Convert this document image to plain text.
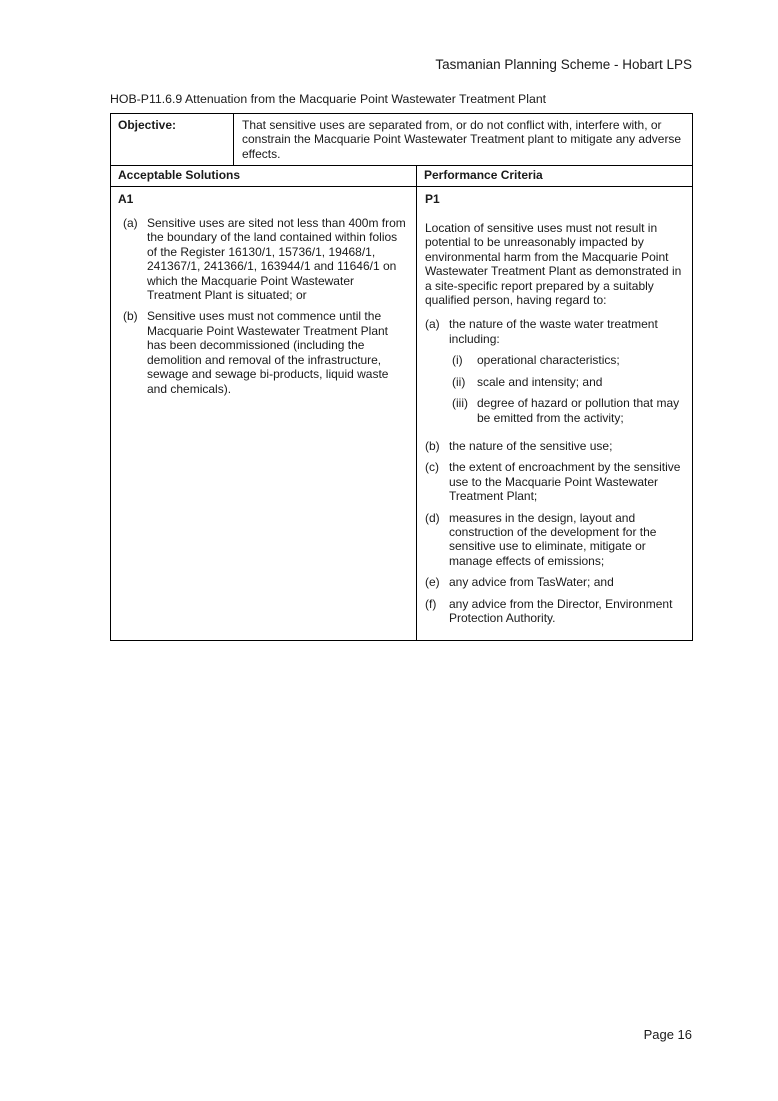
Tasmanian Planning Scheme - Hobart LPS
HOB-P11.6.9 Attenuation from the Macquarie Point Wastewater Treatment Plant
Objective:	That sensitive uses are separated from, or do not conflict with, interfere with, or constrain the Macquarie Point Wastewater Treatment plant to mitigate any adverse effects.	
Acceptable Solutions		Performance Criteria

A1
(a) Sensitive uses are sited not less than 400m from the boundary of the land contained within folios of the Register 16130/1, 15736/1, 19468/1, 241367/1, 241366/1, 163944/1 and 11646/1 on which the Macquarie Point Wastewater Treatment Plant is situated; or
(b) Sensitive uses must not commence until the Macquarie Point Wastewater Treatment Plant has been decommissioned (including the demolition and removal of the infrastructure, sewage and sewage bi-products, liquid waste and chemicals).

P1
Location of sensitive uses must not result in potential to be unreasonably impacted by environmental harm from the Macquarie Point Wastewater Treatment Plant as demonstrated in a site-specific report prepared by a suitably qualified person, having regard to:
(a) the nature of the waste water treatment including:
(i)	operational characteristics;
(ii) scale and intensity; and
(iii) degree of hazard or pollution that may be emitted from the activity;
(b) the nature of the sensitive use;
(c) the extent of encroachment by the sensitive use to the Macquarie Point Wastewater Treatment Plant;
(d) measures in the design, layout and construction of the development for the sensitive use to eliminate, mitigate or manage effects of emissions;
(e) any advice from TasWater; and
(f)	any advice from the Director, Environment Protection Authority.
Page 16
